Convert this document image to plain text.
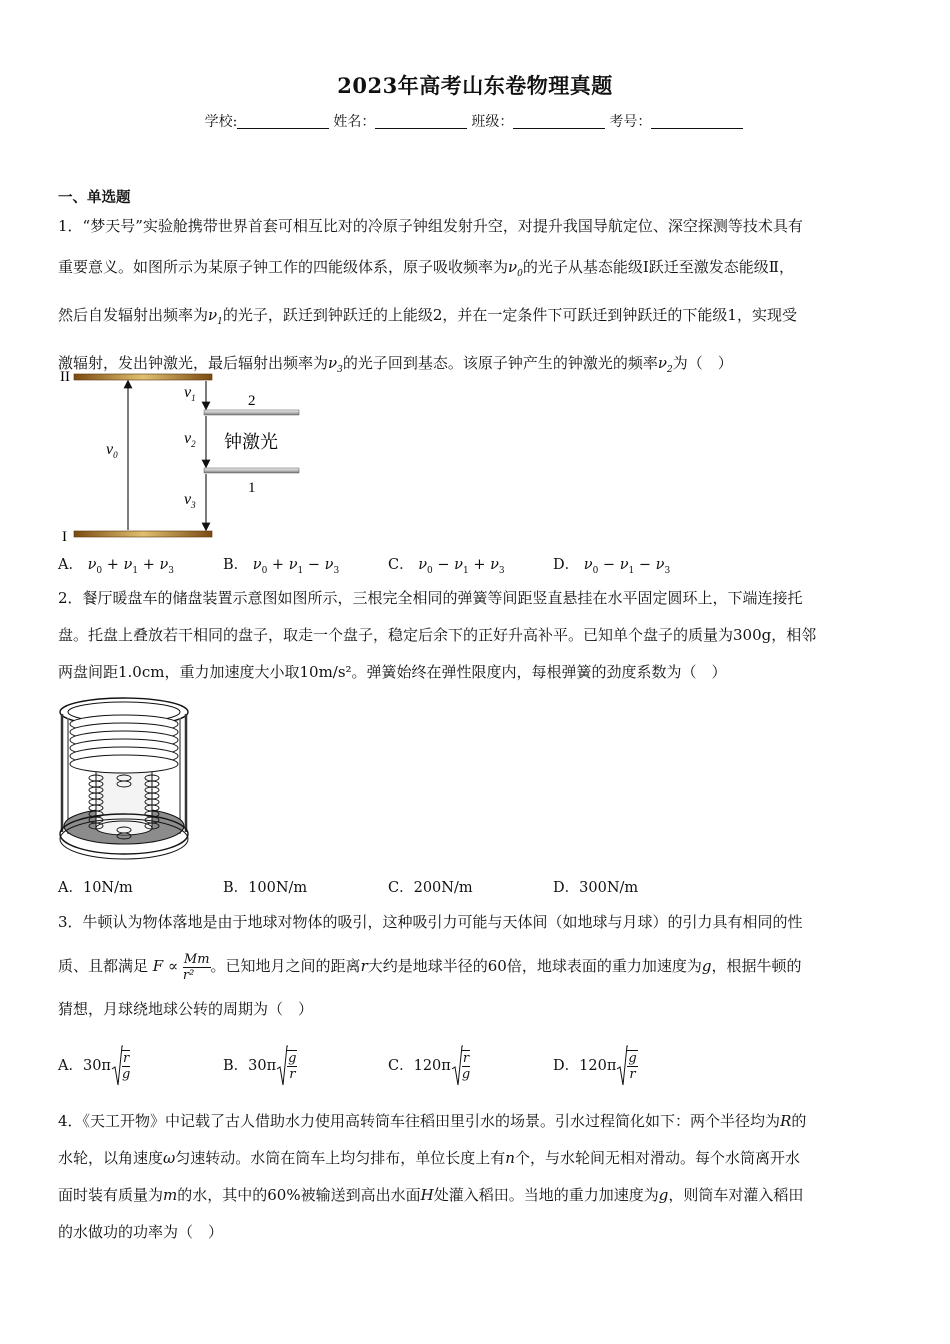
2023年高考山东卷物理真题
学校:	姓名：	班级：	考号：
一、单选题
1．“梦天号”实验舱携带世界首套可相互比对的冷原子钟组发射升空，对提升我国导航定位、深空探测等技术具有
重要意义。如图所示为某原子钟工作的四能级体系，原子吸收频率为$\nu_0$的光子从基态能级Ⅰ跃迁至激发态能级Ⅱ，
然后自发辐射出频率为$\nu_1$的光子，跃迁到钟跃迁的上能级2，并在一定条件下可跃迁到钟跃迁的下能级1，实现受
激辐射，发出钟激光，最后辐射出频率为$\nu_3$的光子回到基态。该原子钟产生的钟激光的频率$\nu_2$为（　）
II
I
2
1
$\nu_0$
$\nu_1$
$\nu_2$
$\nu_3$
钟激光
A． $\nu_0 + \nu_1 + \nu_3$	B． $\nu_0 + \nu_1 - \nu_3$	C． $\nu_0 - \nu_1 + \nu_3$	D． $\nu_0 - \nu_1 - \nu_3$
2．餐厅暖盘车的储盘装置示意图如图所示，三根完全相同的弹簧等间距竖直悬挂在水平固定圆环上，下端连接托
盘。托盘上叠放若干相同的盘子，取走一个盘子，稳定后余下的正好升高补平。已知单个盘子的质量为300g，相邻
两盘间距1.0cm，重力加速度大小取10m/s²。弹簧始终在弹性限度内，每根弹簧的劲度系数为（　）
A．10N/m	B．100N/m	C．200N/m	D．300N/m
3．牛顿认为物体落地是由于地球对物体的吸引，这种吸引力可能与天体间（如地球与月球）的引力具有相同的性
质、且都满足 $F \propto \frac{Mm}{\text{r²}}$ 。已知地月之间的距离r大约是地球半径的60倍，地球表面的重力加速度为g，根据牛顿的
猜想，月球绕地球公转的周期为（　）
A．$30\pi \frac{r}{g}$	B．$30\pi \frac{g}{r}$	C．$120\pi \frac{r}{g}$	D．$120\pi \frac{g}{r}$
4．《天工开物》中记载了古人借助水力使用高转筒车往稻田里引水的场景。引水过程简化如下：两个半径均为R的
水轮，以角速度ω匀速转动。水筒在筒车上均匀排布，单位长度上有n个，与水轮间无相对滑动。每个水筒离开水
面时装有质量为m的水，其中的60%被输送到高出水面H处灌入稻田。当地的重力加速度为g，则筒车对灌入稻田
的水做功的功率为（　）
